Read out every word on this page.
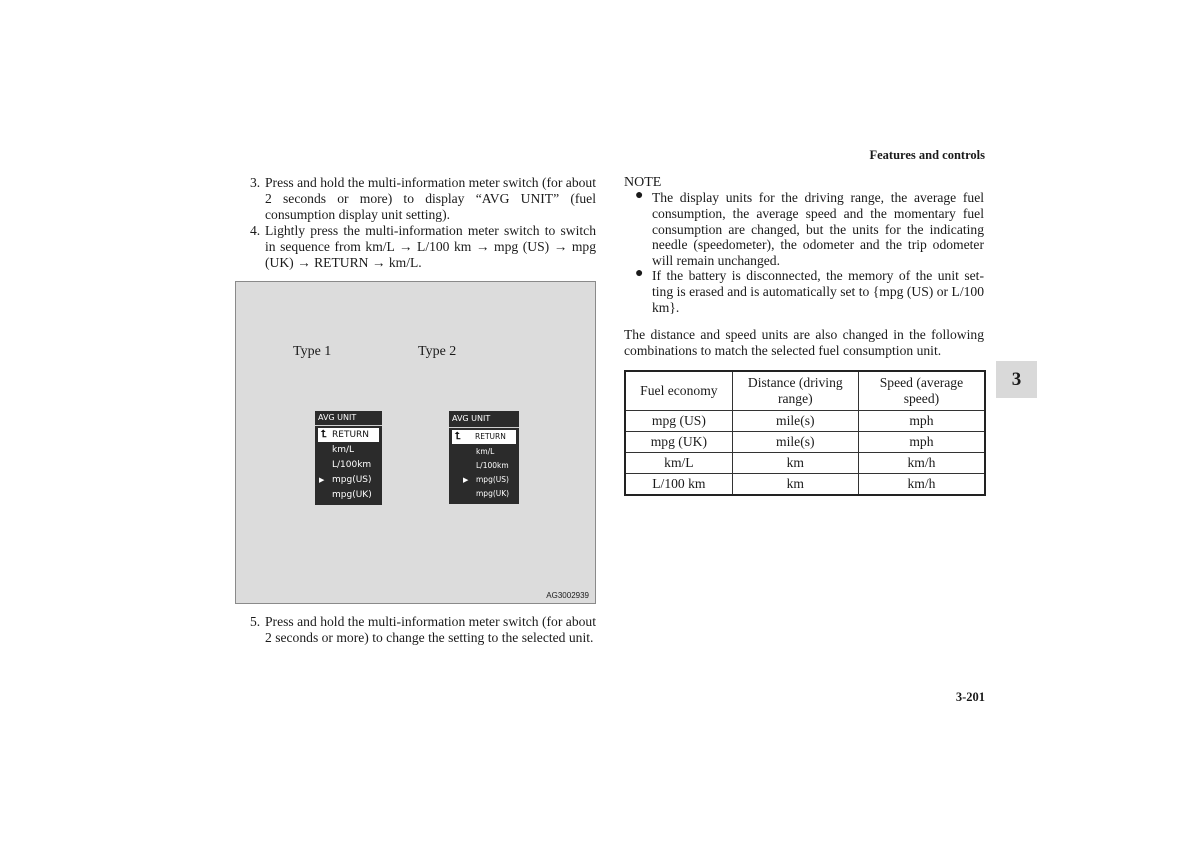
Features and controls
3. Press and hold the multi-information meter switch (for about 2 seconds or more) to display “AVG UNIT” (fuel consumption display unit setting).
4. Lightly press the multi-information meter switch to switch in sequence from km/L → L/100 km → mpg (US) → mpg (UK) → RETURN → km/L.
Type 1	Type 2
AVG UNIT
⮤ RETURN
km/L
L/100km
▶ mpg(US)
mpg(UK)
AVG UNIT
⮤ RETURN
km/L
L/100km
▶ mpg(US)
mpg(UK)
AG3002939
5. Press and hold the multi-information meter switch (for about 2 seconds or more) to change the setting to the selected unit.
NOTE
● The display units for the driving range, the average fuel consumption, the average speed and the momentary fuel consumption are changed, but the units for the indicating needle (speedometer), the odometer and the trip odometer will remain unchanged.
● If the battery is disconnected, the memory of the unit set-ting is erased and is automatically set to {mpg (US) or L/100 km}.
The distance and speed units are also changed in the following combinations to match the selected fuel consumption unit.
Fuel economy	Distance (driving range)	Speed (average speed)
mpg (US)	mile(s)	mph
mpg (UK)	mile(s)	mph
km/L	km	km/h
L/100 km	km	km/h
3
3-201
